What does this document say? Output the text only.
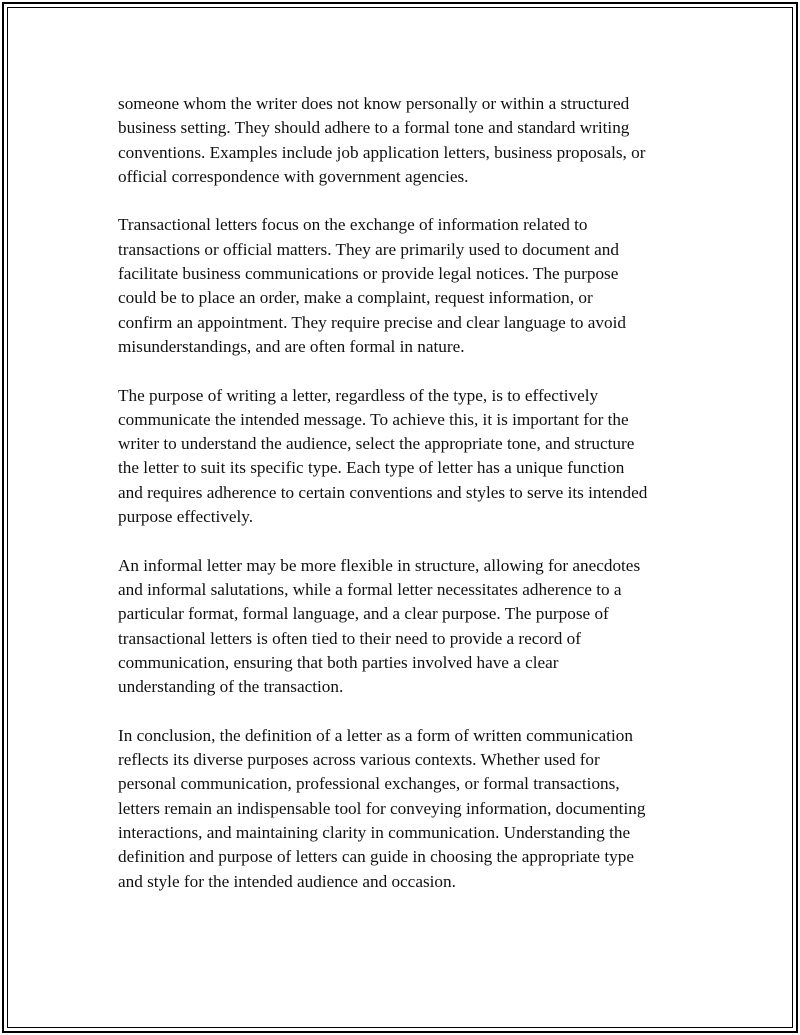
someone whom the writer does not know personally or within a structured
business setting. They should adhere to a formal tone and standard writing
conventions. Examples include job application letters, business proposals, or
official correspondence with government agencies.

Transactional letters focus on the exchange of information related to
transactions or official matters. They are primarily used to document and
facilitate business communications or provide legal notices. The purpose
could be to place an order, make a complaint, request information, or
confirm an appointment. They require precise and clear language to avoid
misunderstandings, and are often formal in nature.

The purpose of writing a letter, regardless of the type, is to effectively
communicate the intended message. To achieve this, it is important for the
writer to understand the audience, select the appropriate tone, and structure
the letter to suit its specific type. Each type of letter has a unique function
and requires adherence to certain conventions and styles to serve its intended
purpose effectively.

An informal letter may be more flexible in structure, allowing for anecdotes
and informal salutations, while a formal letter necessitates adherence to a
particular format, formal language, and a clear purpose. The purpose of
transactional letters is often tied to their need to provide a record of
communication, ensuring that both parties involved have a clear
understanding of the transaction.

In conclusion, the definition of a letter as a form of written communication
reflects its diverse purposes across various contexts. Whether used for
personal communication, professional exchanges, or formal transactions,
letters remain an indispensable tool for conveying information, documenting
interactions, and maintaining clarity in communication. Understanding the
definition and purpose of letters can guide in choosing the appropriate type
and style for the intended audience and occasion.
